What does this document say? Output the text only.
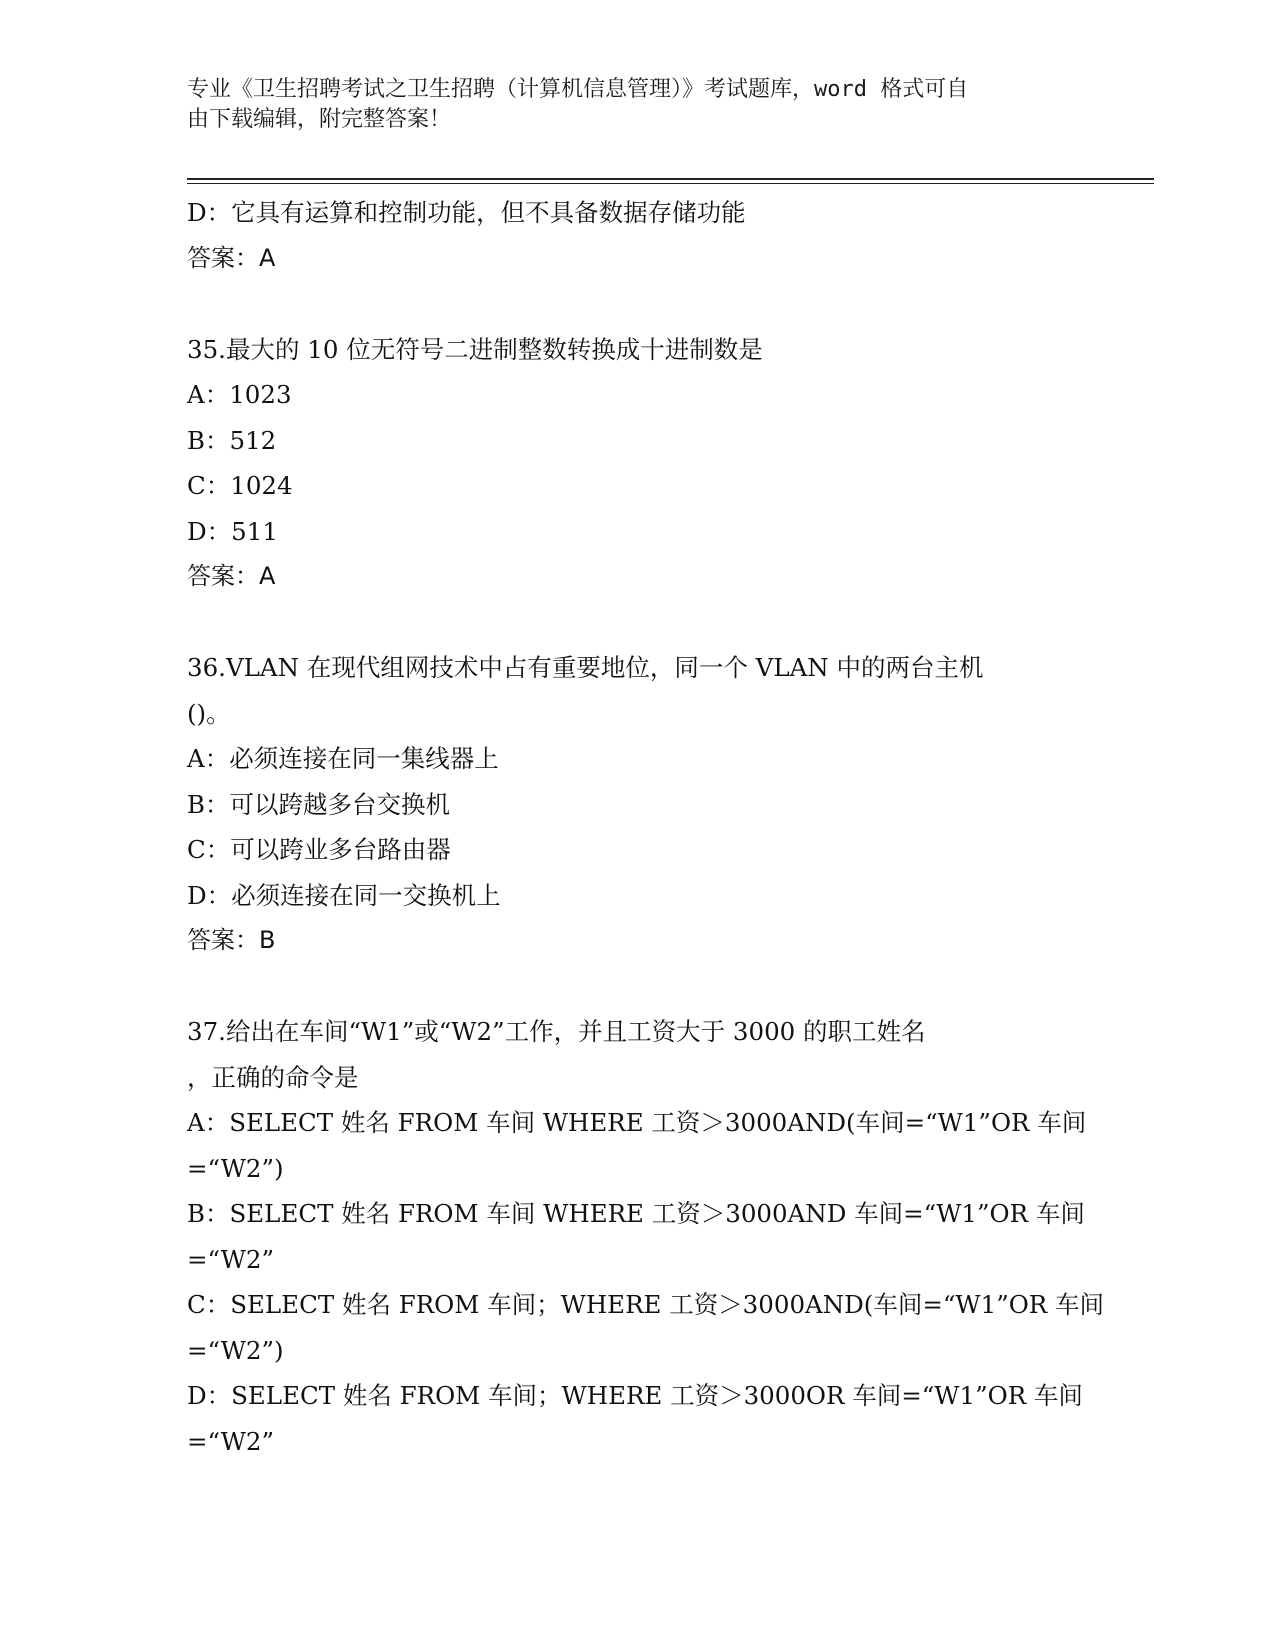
专业《卫生招聘考试之卫生招聘（计算机信息管理）》考试题库，word 格式可自
由下载编辑，附完整答案！
D：它具有运算和控制功能，但不具备数据存储功能
答案：A
35.最大的 10 位无符号二进制整数转换成十进制数是
A：1023
B：512
C：1024
D：511
答案：A
36.VLAN 在现代组网技术中占有重要地位，同一个 VLAN 中的两台主机
()。
A：必须连接在同一集线器上
B：可以跨越多台交换机
C：可以跨业多台路由器
D：必须连接在同一交换机上
答案：B
37.给出在车间“W1”或“W2”工作，并且工资大于 3000 的职工姓名
，正确的命令是
A：SELECT 姓名 FROM 车间 WHERE 工资＞3000AND(车间=“W1”OR 车间
=“W2”)
B：SELECT 姓名 FROM 车间 WHERE 工资＞3000AND 车间=“W1”OR 车间
=“W2”
C：SELECT 姓名 FROM 车间；WHERE 工资＞3000AND(车间=“W1”OR 车间
=“W2”)
D：SELECT 姓名 FROM 车间；WHERE 工资＞3000OR 车间=“W1”OR 车间
=“W2”
